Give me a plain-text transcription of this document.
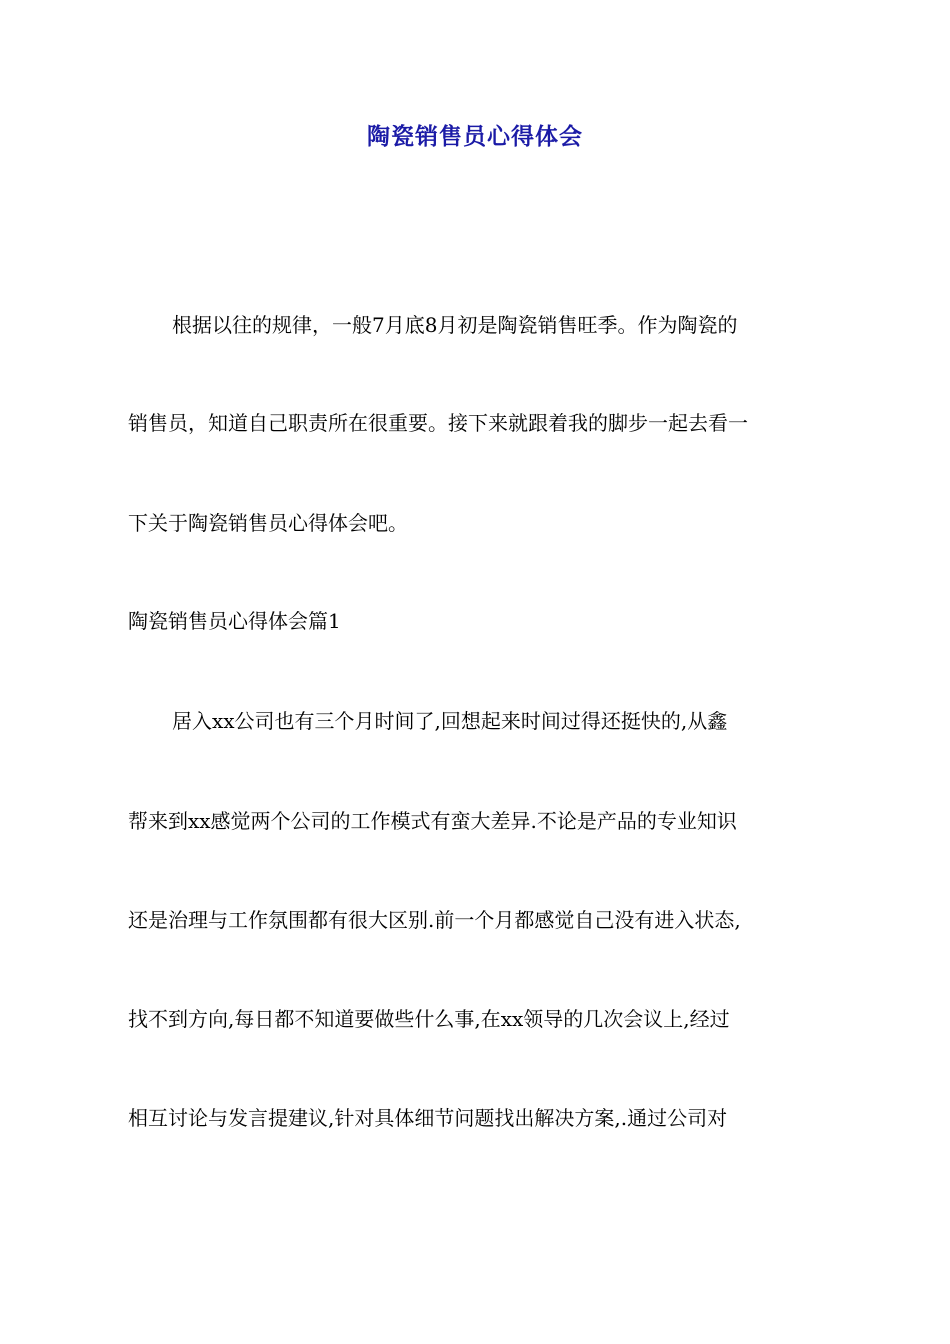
陶瓷销售员心得体会
根据以往的规律，一般7月底8月初是陶瓷销售旺季。作为陶瓷的
销售员，知道自己职责所在很重要。接下来就跟着我的脚步一起去看一
下关于陶瓷销售员心得体会吧。
陶瓷销售员心得体会篇1
居入xx公司也有三个月时间了,回想起来时间过得还挺快的,从鑫
帮来到xx感觉两个公司的工作模式有蛮大差异.不论是产品的专业知识
还是治理与工作氛围都有很大区别.前一个月都感觉自己没有进入状态,
找不到方向,每日都不知道要做些什么事,在xx领导的几次会议上,经过
相互讨论与发言提建议,针对具体细节问题找出解决方案,.通过公司对
